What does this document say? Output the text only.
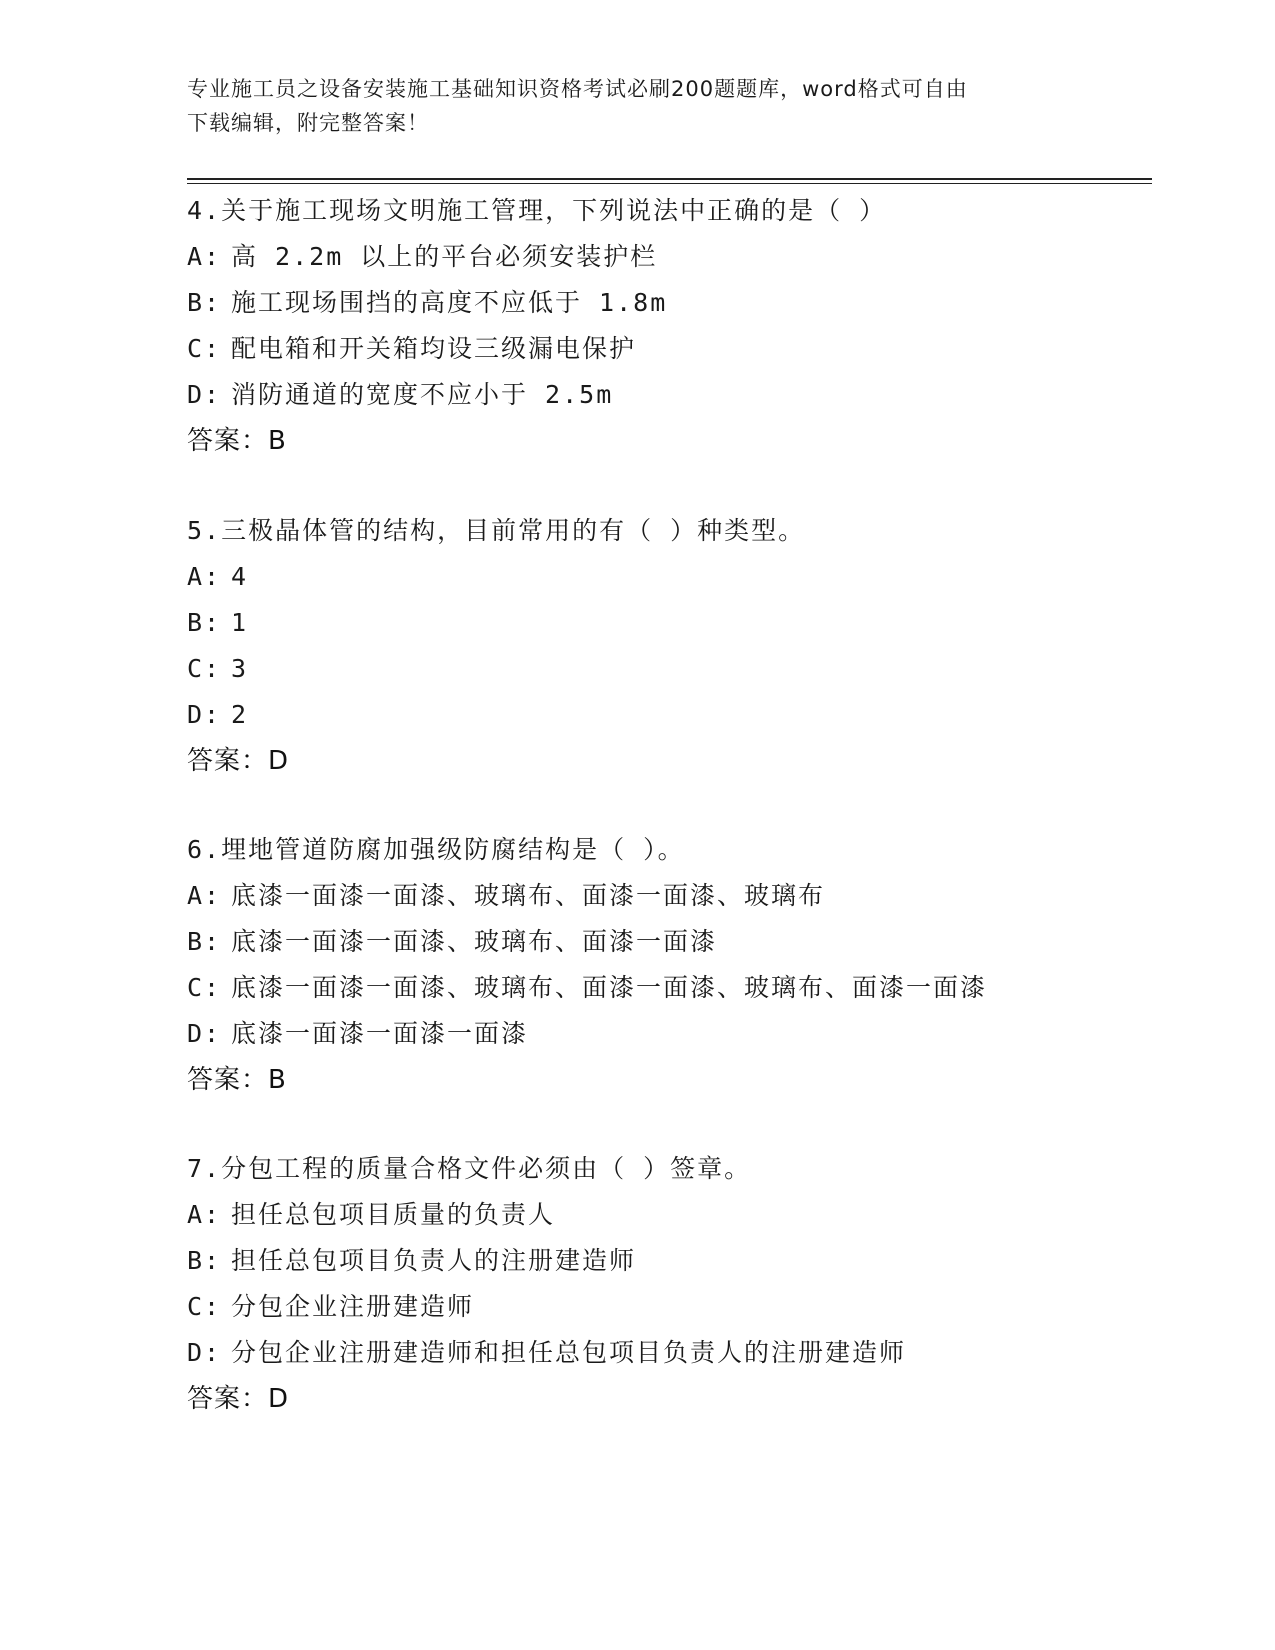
专业施工员之设备安装施工基础知识资格考试必刷200题题库，word格式可自由
下载编辑，附完整答案！
4.关于施工现场文明施工管理，下列说法中正确的是（ ）
A: 高 2.2m 以上的平台必须安装护栏
B: 施工现场围挡的高度不应低于 1.8m
C: 配电箱和开关箱均设三级漏电保护
D: 消防通道的宽度不应小于 2.5m
答案：B
5.三极晶体管的结构，目前常用的有（ ）种类型。
A: 4
B: 1
C: 3
D: 2
答案：D
6.埋地管道防腐加强级防腐结构是（ ）。
A: 底漆一面漆一面漆、玻璃布、面漆一面漆、玻璃布
B: 底漆一面漆一面漆、玻璃布、面漆一面漆
C: 底漆一面漆一面漆、玻璃布、面漆一面漆、玻璃布、面漆一面漆
D: 底漆一面漆一面漆一面漆
答案：B
7.分包工程的质量合格文件必须由（ ）签章。
A: 担任总包项目质量的负责人
B: 担任总包项目负责人的注册建造师
C: 分包企业注册建造师
D: 分包企业注册建造师和担任总包项目负责人的注册建造师
答案：D
